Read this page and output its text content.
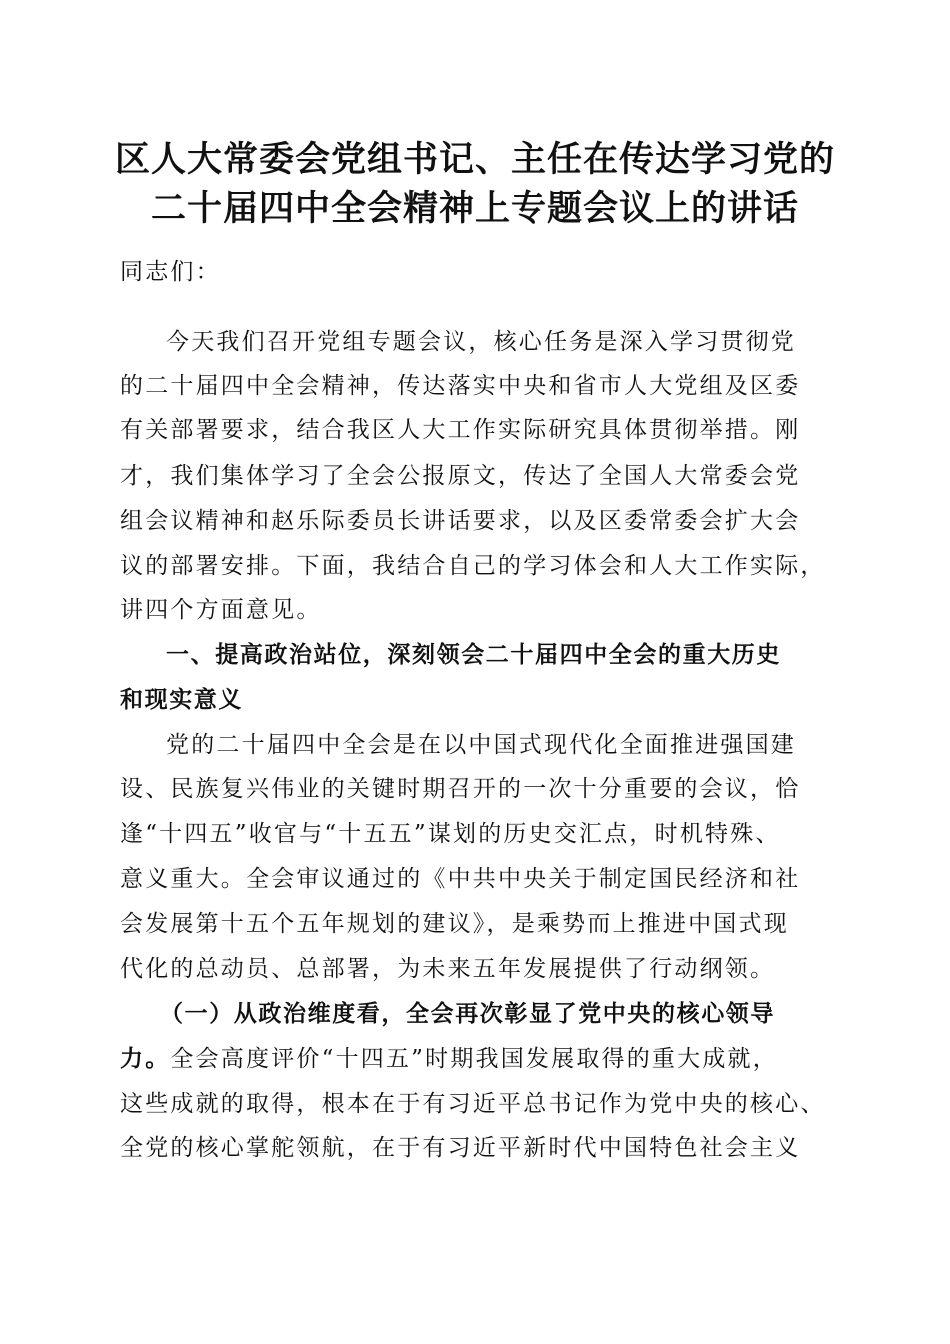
区人大常委会党组书记、主任在传达学习党的
二十届四中全会精神上专题会议上的讲话
同志们：
今天我们召开党组专题会议，核心任务是深入学习贯彻党
的二十届四中全会精神，传达落实中央和省市人大党组及区委
有关部署要求，结合我区人大工作实际研究具体贯彻举措。刚
才，我们集体学习了全会公报原文，传达了全国人大常委会党
组会议精神和赵乐际委员长讲话要求，以及区委常委会扩大会
议的部署安排。下面，我结合自己的学习体会和人大工作实际，
讲四个方面意见。
一、提高政治站位，深刻领会二十届四中全会的重大历史
和现实意义
党的二十届四中全会是在以中国式现代化全面推进强国建
设、民族复兴伟业的关键时期召开的一次十分重要的会议，恰
逢“十四五”收官与“十五五”谋划的历史交汇点，时机特殊、
意义重大。全会审议通过的《中共中央关于制定国民经济和社
会发展第十五个五年规划的建议》，是乘势而上推进中国式现
代化的总动员、总部署，为未来五年发展提供了行动纲领。
（一）从政治维度看，全会再次彰显了党中央的核心领导
力。全会高度评价“十四五”时期我国发展取得的重大成就，
这些成就的取得，根本在于有习近平总书记作为党中央的核心、
全党的核心掌舵领航，在于有习近平新时代中国特色社会主义
